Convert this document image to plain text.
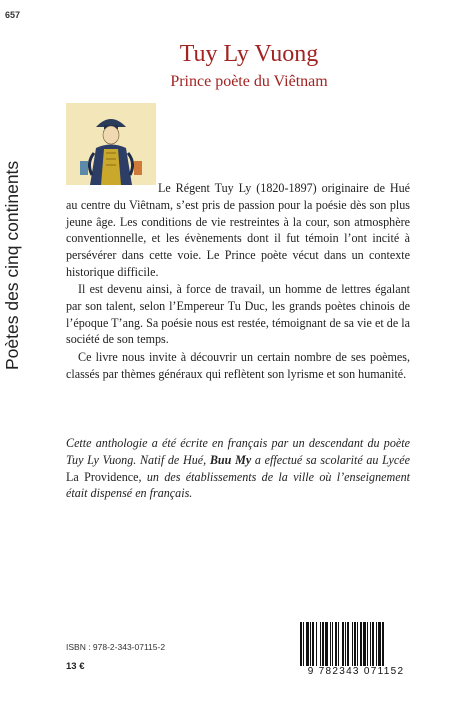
657
Poètes des cinq continents
Tuy Ly Vuong
Prince poète du Viêtnam

Le Régent Tuy Ly (1820-1897) originaire de Hué au centre du Viêtnam, s’est pris de passion pour la poésie dès son plus jeune âge. Les conditions de vie restreintes à la cour, son atmosphère conventionnelle, et les évènements dont il fut témoin l’ont incité à persévérer dans cette voie. Le Prince poète vécut dans un contexte historique difficile.

Il est devenu ainsi, à force de travail, un homme de lettres égalant par son talent, selon l’Empereur Tu Duc, les grands poètes chinois de l’époque T’ang. Sa poésie nous est restée, témoignant de sa vie et de la société de son temps.

Ce livre nous invite à découvrir un certain nombre de ses poèmes, classés par thèmes généraux qui reflètent son lyrisme et son humanité.

Cette anthologie a été écrite en français par un descendant du poète Tuy Ly Vuong. Natif de Hué, Buu My a effectué sa scolarité au Lycée La Providence, un des établissements de la ville où l’enseignement était dispensé en français.

ISBN : 978-2-343-07115-2
13 €	9 782343 071152
